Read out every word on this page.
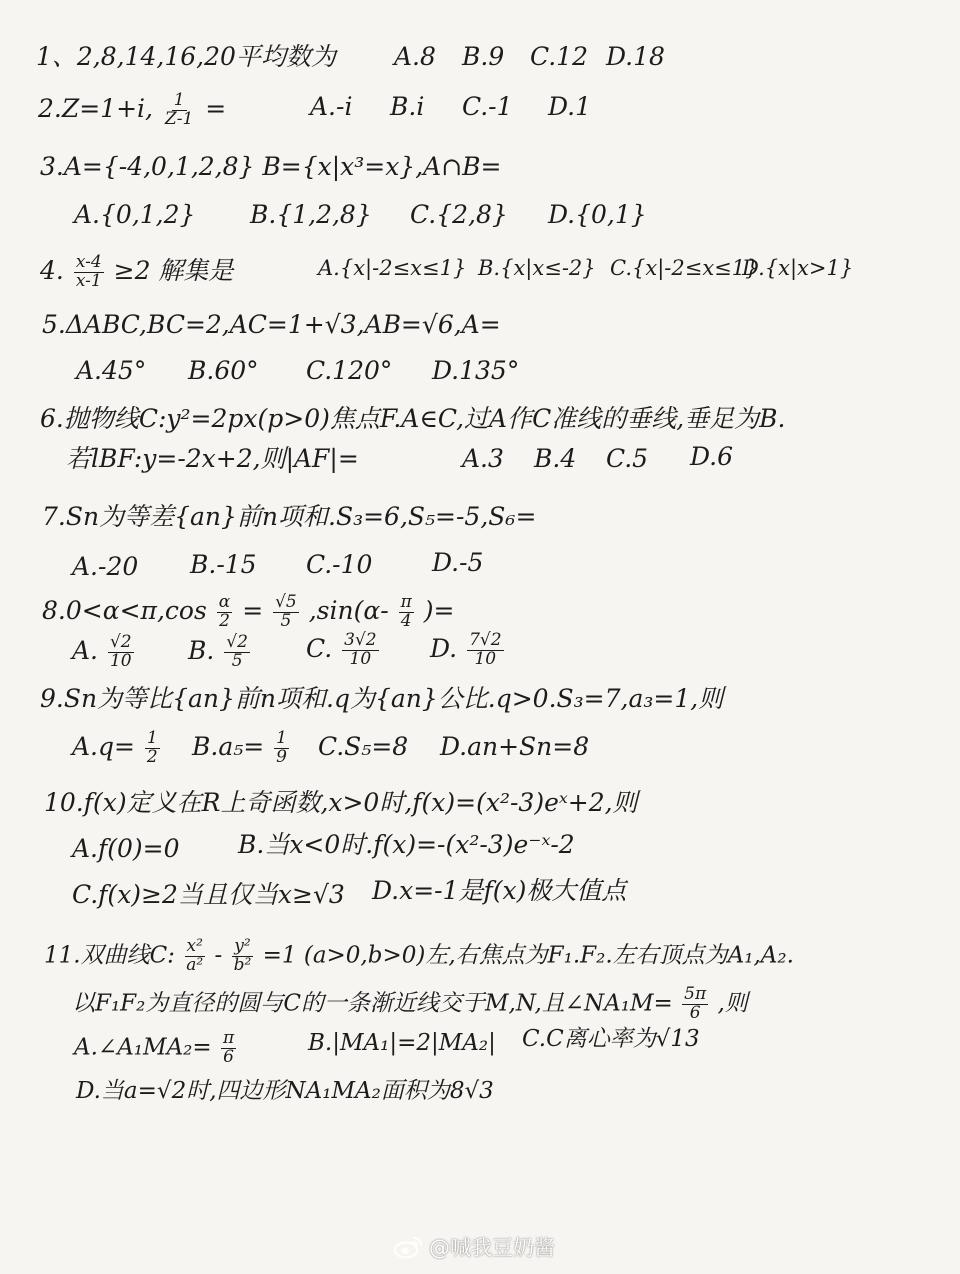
1、2,8,14,16,20平均数为 A.8 B.9 C.12 D.18
2.Z=1+i, $\frac{1}{Z-1}$ =	A.-i B.i C.-1 D.1
3.A={-4,0,1,2,8} B={x|x³=x},A∩B=
A.{0,1,2} B.{1,2,8} C.{2,8} D.{0,1}
4. $\frac{x-4}{x-1} \ge 2$ 解集是	A.{x|-2≤x≤1} B.{x|x≤-2} C.{x|-2≤x≤1}
D.{x|x>1}
5.ΔABC,BC=2,AC=1+√3,AB=√6,A=
A.45° B.60° C.120° D.135°
6.抛物线C:y²=2px(p>0)焦点F.A∈C,过A作C准线的垂线,垂足为B.
若lBF:y=-2x+2,则|AF|=	A.3 B.4 C.5 D.6
7.Sn为等差{an}前n项和.S₃=6,S₅=-5,S₆=
A.-20 B.-15 C.-10 D.-5
$8.0<\alpha<\pi,\cos \frac{\alpha}{2} = \frac{√5}{5} ,\sin(\alpha- \frac{\pi}{4}$ )=
A. $\frac{√2}{10} B$. $\frac{√2}{5} C$. $\frac{3√2}{10} D$. $\frac{7√2}{10}$
9.Sn为等比{an}前n项和.q为{an}公比.q>0.S₃=7,a₃=1,则
$A.q= \frac{1}{2} B.a_5= \frac{1}{9} C.S_5=8$ D.an+Sn=8
10.f(x)定义在R上奇函数,x>0时,f(x)=(x²-3)eˣ+2,则
A.f(0)=0 B.当x<0时.f(x)=-(x²-3)e⁻ˣ-2
C.f(x)≥2当且仅当x≥√3 D.x=-1是f(x)极大值点
11.双曲线C: $\frac{\text{x²}}{\text{a²}} - \frac{\text{y²}}{\text{b²}} =1$ (a>0,b>0)左,右焦点为F₁.F₂.左右顶点为A₁,A₂.
以F₁F₂为直径的圆与C的一条渐近线交于M,N,且∠NA₁M= $\frac{5\pi}{6}$ ,则
A.∠A₁MA₂= $\frac{\pi}{6}$	B.|MA₁|=2|MA₂| C.C离心率为√13
D.当a=√2时,四边形NA₁MA₂面积为8√3
@喊我豆奶酱
